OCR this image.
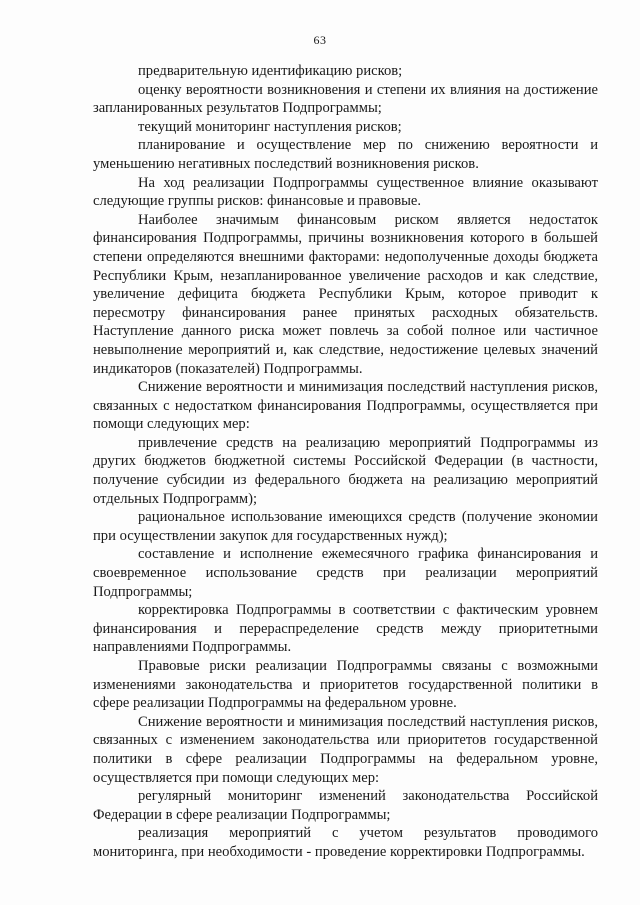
63

предварительную идентификацию рисков;

оценку вероятности возникновения и степени их влияния на достижение запланированных результатов Подпрограммы;

текущий мониторинг наступления рисков;

планирование и осуществление мер по снижению вероятности и уменьшению негативных последствий возникновения рисков.

На ход реализации Подпрограммы существенное влияние оказывают следующие группы рисков: финансовые и правовые.

Наиболее значимым финансовым риском является недостаток финансирования Подпрограммы, причины возникновения которого в большей степени определяются внешними факторами: недополученные доходы бюджета Республики Крым, незапланированное увеличение расходов и как следствие, увеличение дефицита бюджета Республики Крым, которое приводит к пересмотру финансирования ранее принятых расходных обязательств. Наступление данного риска может повлечь за собой полное или частичное невыполнение мероприятий и, как следствие, недостижение целевых значений индикаторов (показателей) Подпрограммы.

Снижение вероятности и минимизация последствий наступления рисков, связанных с недостатком финансирования Подпрограммы, осуществляется при помощи следующих мер:

привлечение средств на реализацию мероприятий Подпрограммы из других бюджетов бюджетной системы Российской Федерации (в частности, получение субсидии из федерального бюджета на реализацию мероприятий отдельных Подпрограмм);

рациональное использование имеющихся средств (получение экономии при осуществлении закупок для государственных нужд);

составление и исполнение ежемесячного графика финансирования и своевременное использование средств при реализации мероприятий Подпрограммы;

корректировка Подпрограммы в соответствии с фактическим уровнем финансирования и перераспределение средств между приоритетными направлениями Подпрограммы.

Правовые риски реализации Подпрограммы связаны с возможными изменениями законодательства и приоритетов государственной политики в сфере реализации Подпрограммы на федеральном уровне.

Снижение вероятности и минимизация последствий наступления рисков, связанных с изменением законодательства или приоритетов государственной политики в сфере реализации Подпрограммы на федеральном уровне, осуществляется при помощи следующих мер:

регулярный мониторинг изменений законодательства Российской Федерации в сфере реализации Подпрограммы;

реализация мероприятий с учетом результатов проводимого мониторинга, при необходимости - проведение корректировки Подпрограммы.
